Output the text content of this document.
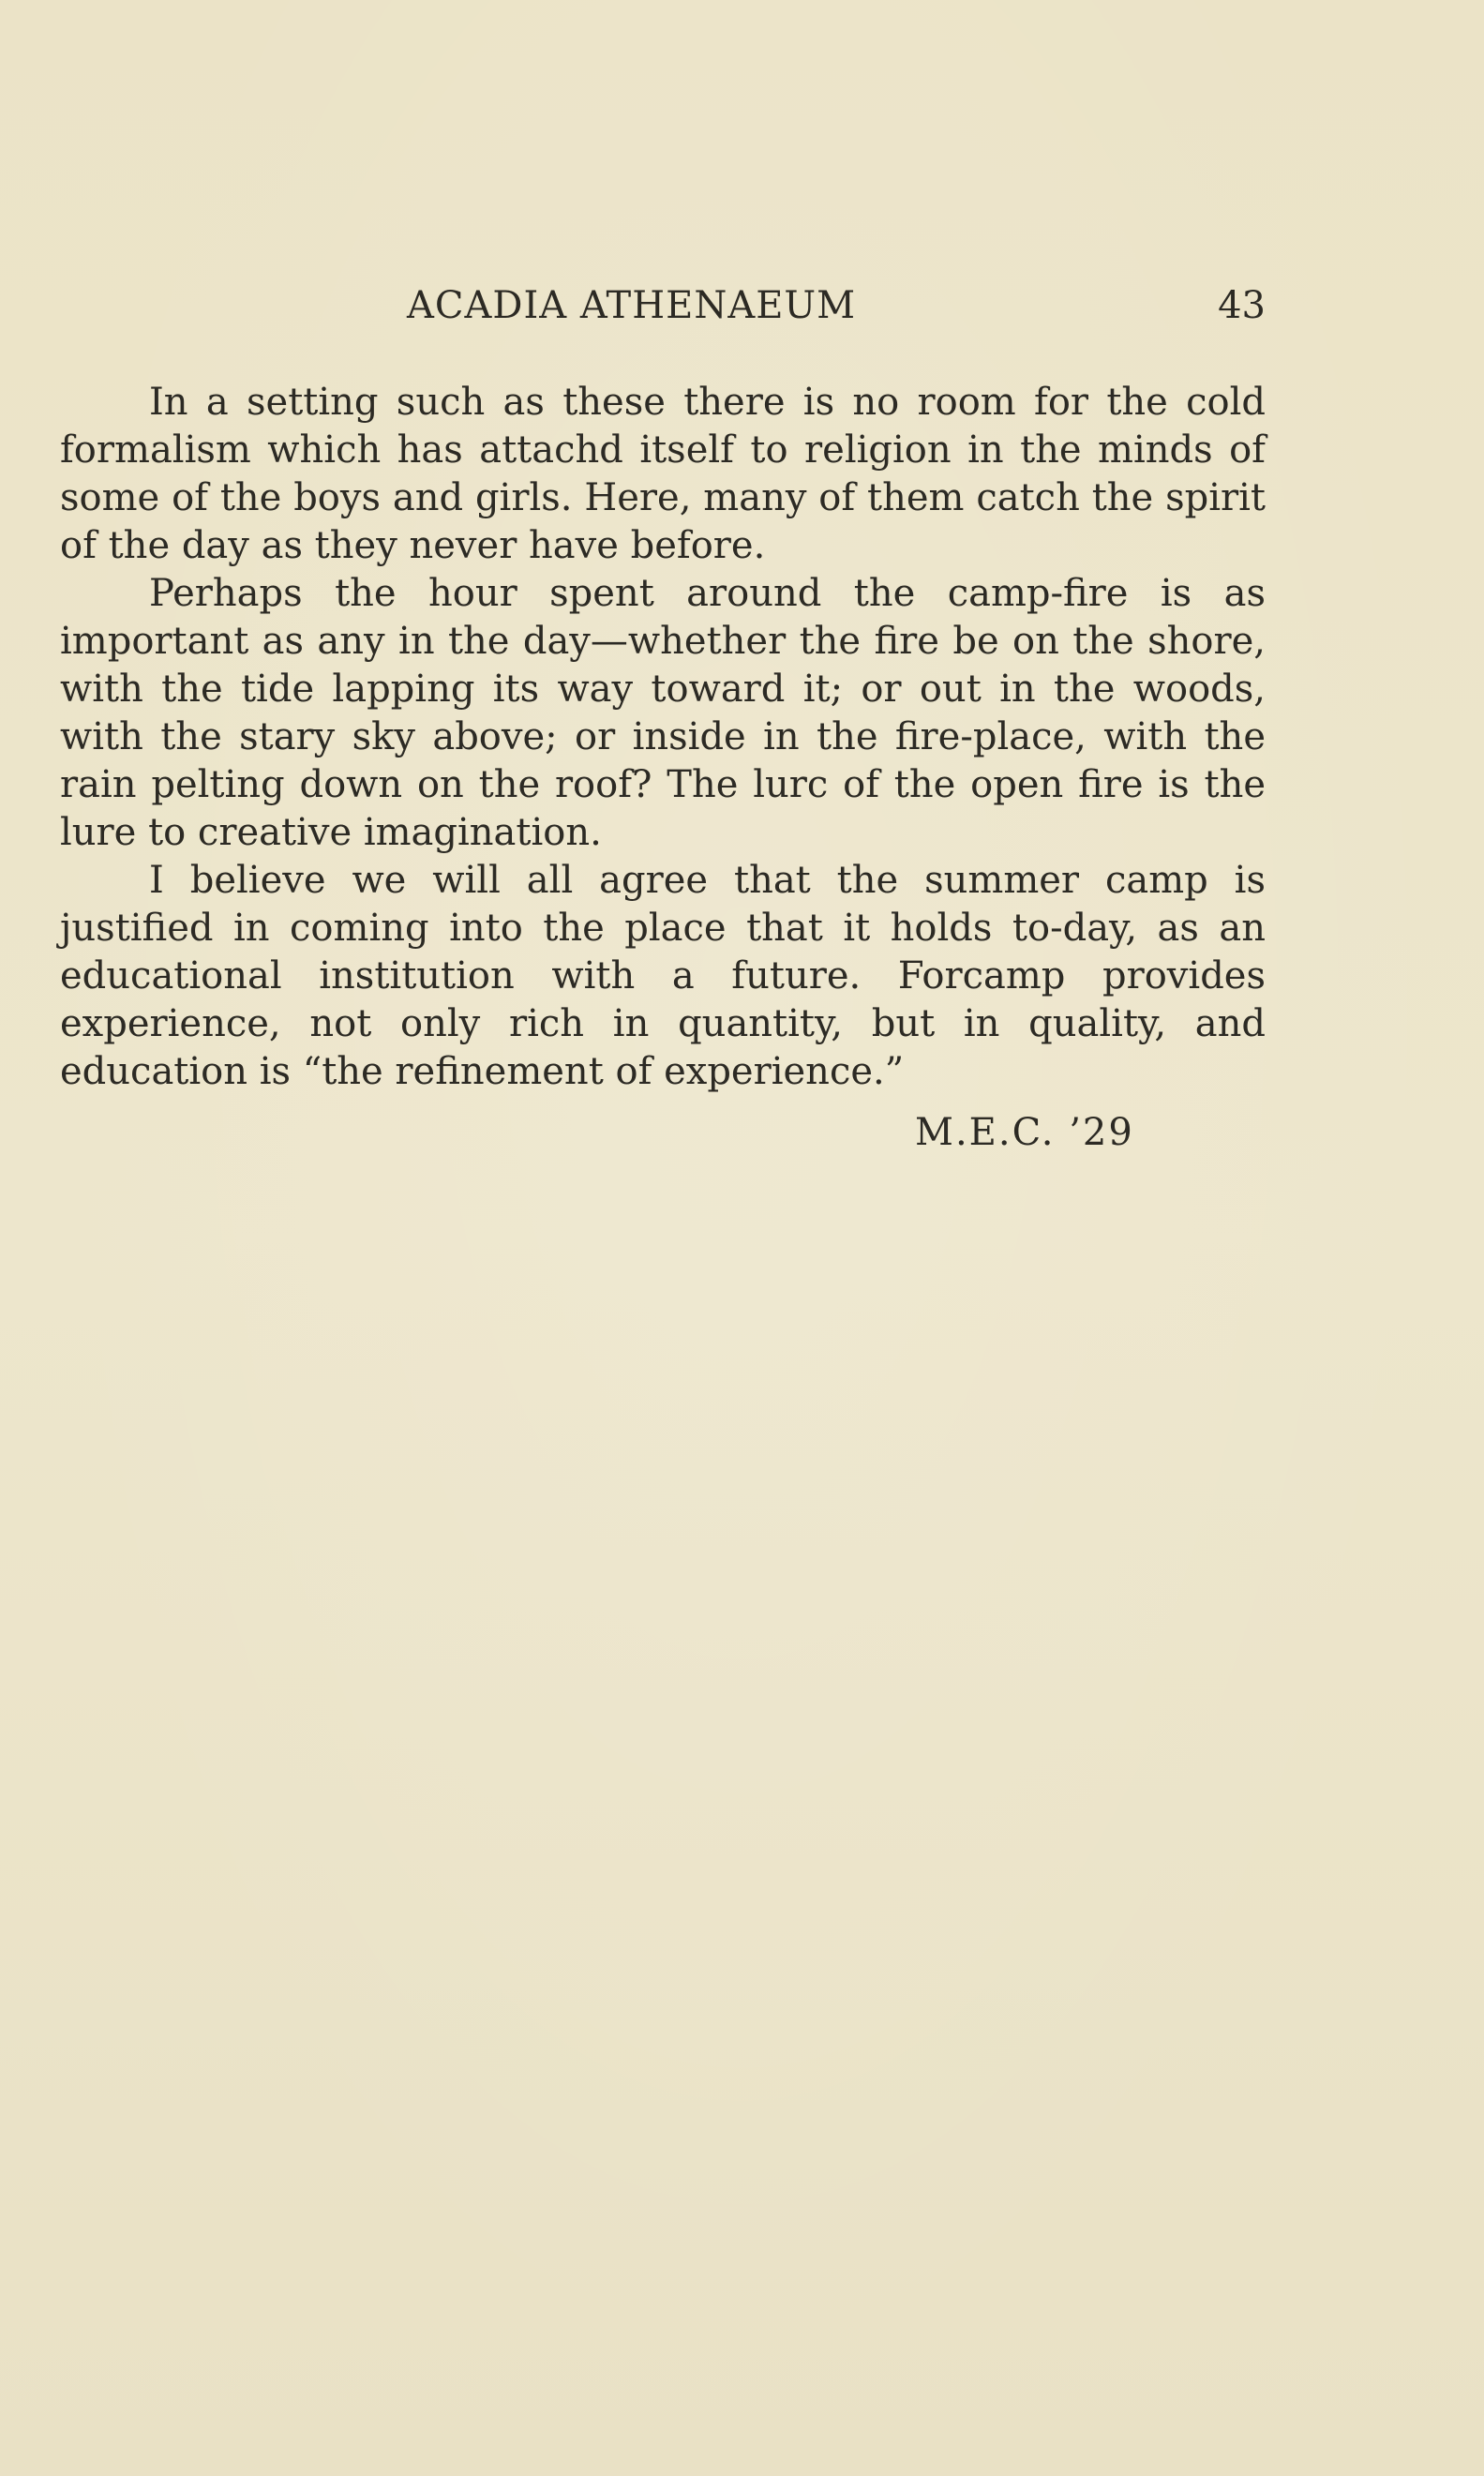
ACADIA ATHENAEUM	43

In a setting such as these there is no room for the cold formalism which has attachd itself to religion in the minds of some of the boys and girls. Here, many of them catch the spirit of the day as they never have before.

Perhaps the hour spent around the camp-fire is as important as any in the day—whether the fire be on the shore, with the tide lapping its way toward it; or out in the woods, with the stary sky above; or inside in the fire-place, with the rain pelting down on the roof? The lurc of the open fire is the lure to creative imagination.

I believe we will all agree that the summer camp is justified in coming into the place that it holds to-day, as an educational institution with a future. Forcamp provides experience, not only rich in quantity, but in quality, and education is “the refinement of experience.”

M.E.C. ’29
